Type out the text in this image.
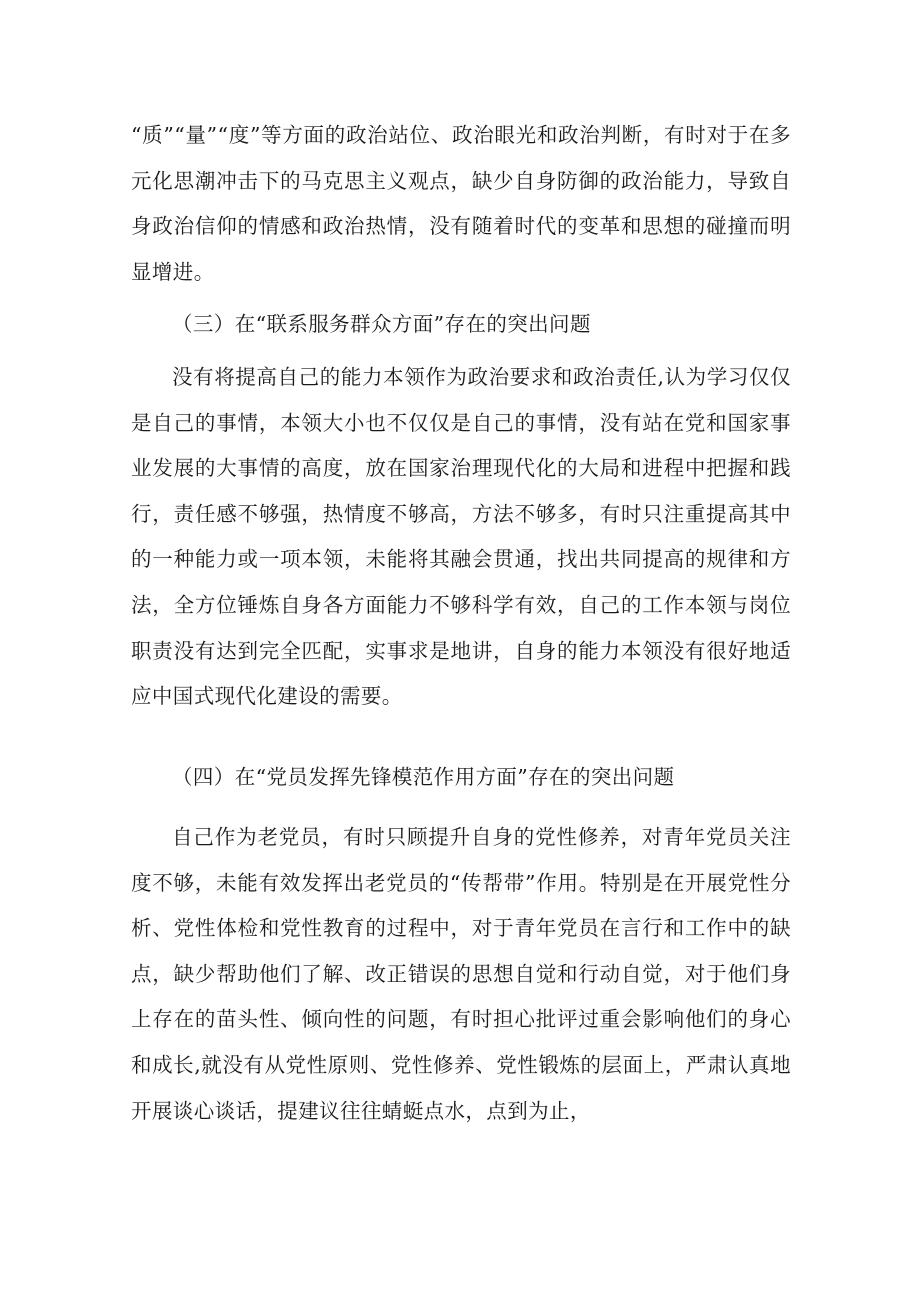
“质”“量”“度”等方面的政治站位、政治眼光和政治判断，有时对于在多元化思潮冲击下的马克思主义观点，缺少自身防御的政治能力，导致自身政治信仰的情感和政治热情，没有随着时代的变革和思想的碰撞而明显增进。

（三）在“联系服务群众方面”存在的突出问题

没有将提高自己的能力本领作为政治要求和政治责任,认为学习仅仅是自己的事情，本领大小也不仅仅是自己的事情，没有站在党和国家事业发展的大事情的高度，放在国家治理现代化的大局和进程中把握和践行，责任感不够强，热情度不够高，方法不够多，有时只注重提高其中的一种能力或一项本领，未能将其融会贯通，找出共同提高的规律和方法，全方位锤炼自身各方面能力不够科学有效，自己的工作本领与岗位职责没有达到完全匹配，实事求是地讲，自身的能力本领没有很好地适应中国式现代化建设的需要。

（四）在“党员发挥先锋模范作用方面”存在的突出问题

自己作为老党员，有时只顾提升自身的党性修养，对青年党员关注度不够，未能有效发挥出老党员的“传帮带”作用。特别是在开展党性分析、党性体检和党性教育的过程中，对于青年党员在言行和工作中的缺点，缺少帮助他们了解、改正错误的思想自觉和行动自觉，对于他们身上存在的苗头性、倾向性的问题，有时担心批评过重会影响他们的身心和成长,就没有从党性原则、党性修养、党性锻炼的层面上，严肃认真地开展谈心谈话，提建议往往蜻蜓点水，点到为止，
